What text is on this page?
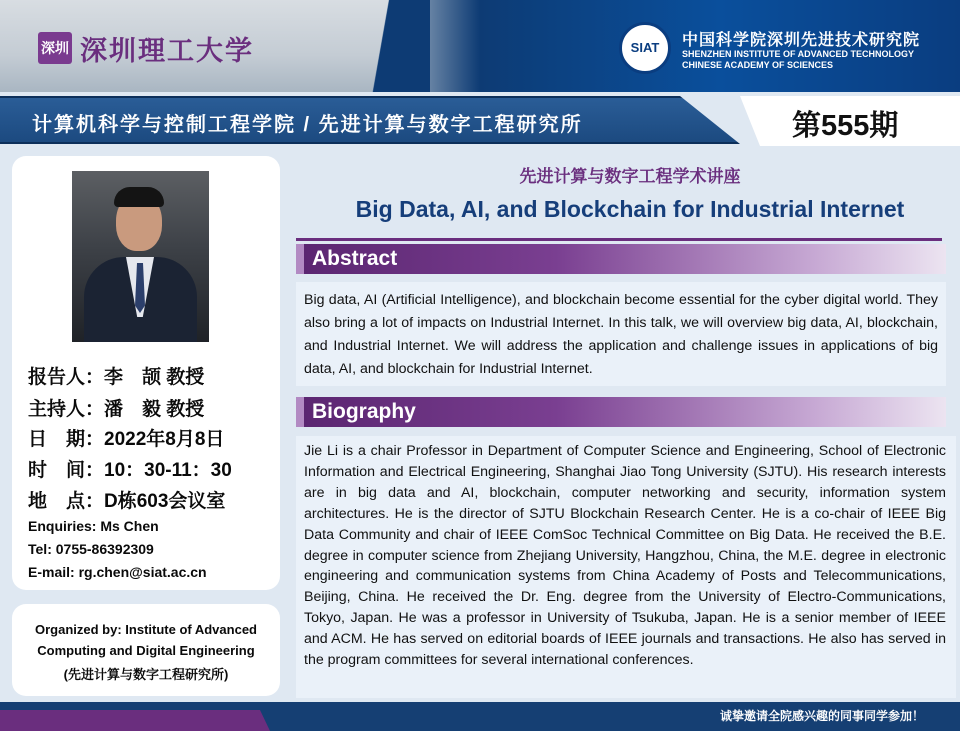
深圳 深圳理工大学	SIAT	中国科学院深圳先进技术研究院
SHENZHEN INSTITUTE OF ADVANCED TECHNOLOGY
CHINESE ACADEMY OF SCIENCES
计算机科学与控制工程学院 / 先进计算与数字工程研究所	第555期
报告人：李　颉 教授
主持人：潘　毅 教授
日　期：2022年8月8日
时　间：10：30-11：30
地　点：D栋603会议室
Enquiries: Ms Chen
Tel: 0755-86392309
E-mail: rg.chen@siat.ac.cn
Organized by: Institute of Advanced
Computing and Digital Engineering
(先进计算与数字工程研究所)
先进计算与数字工程学术讲座
Big Data, AI, and Blockchain for Industrial Internet
Abstract
Big data, AI (Artificial Intelligence), and blockchain become essential for the cyber digital world. They also bring a lot of impacts on Industrial Internet. In this talk, we will overview big data, AI, blockchain, and Industrial Internet. We will address the application and challenge issues in applications of big data, AI, and blockchain for Industrial Internet.
Biography
Jie Li is a chair Professor in Department of Computer Science and Engineering, School of Electronic Information and Electrical Engineering, Shanghai Jiao Tong University (SJTU). His research interests are in big data and AI, blockchain, computer networking and security, information system architectures. He is the director of SJTU Blockchain Research Center. He is a co-chair of IEEE Big Data Community and chair of IEEE ComSoc Technical Committee on Big Data. He received the B.E. degree in computer science from Zhejiang University, Hangzhou, China, the M.E. degree in electronic engineering and communication systems from China Academy of Posts and Telecommunications, Beijing, China. He received the Dr. Eng. degree from the University of Electro-Communications, Tokyo, Japan. He was a professor in University of Tsukuba, Japan. He is a senior member of IEEE and ACM. He has served on editorial boards of IEEE journals and transactions. He also has served in the program committees for several international conferences.
诚挚邀请全院感兴趣的同事同学参加！
